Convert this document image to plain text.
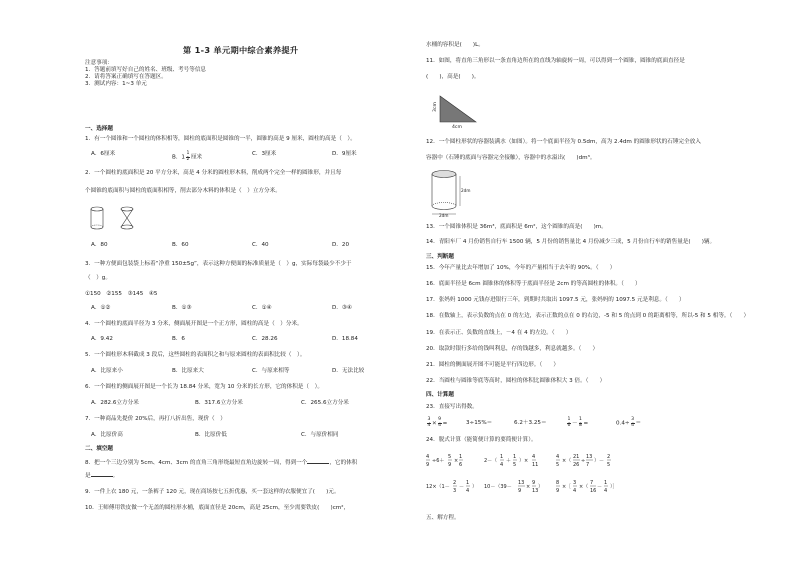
第 1-3 单元期中综合素养提升
注意事项：
1．答题前填写好自己的姓名、班级、考号等信息
2．请将答案正确填写在答题区。
3．测试内容：1~3 单元
一、选择题
1．有一个圆锥和一个圆柱的体积相等，圆柱的底面积是圆锥的一半，圆锥的高是 9 厘米，圆柱的高是（　）。
A．6厘米
B．$1 \frac{1}{2}$ 厘米
C．3厘米	D．9厘米
2．一个圆柱的底面积是 20 平方分米，高是 4 分米的圆柱形木料，削成两个完全一样的圆锥形，并且每
个圆锥的底面积与圆柱的底面积相等，削去部分木料的体积是（　）立方分米。
A．80	B．60	C．40	D．20
3．一种方便面包装袋上标着“净重 150±5g”，表示这种方便面的标准质量是（　）g，实际每袋最少不少于
（　）g。
①150　②155　③145　④5
A．①②	B．①③	C．①④	D．③④
4．一个圆柱的底面半径为 3 分米，侧面展开图是一个正方形，圆柱的高是（　）分米。
A．9.42	B．6	C．28.26	D．18.84
5．一个圆柱形木料截成 3 段后，这些圆柱的表面积之和与原来圆柱的表面积比较（　）。
A．比原来小	B．比原来大	C．与原来相等	D．无法比较
6．一个圆柱的侧面展开图是一个长为 18.84 分米，宽为 10 分米的长方形，它的体积是（　）。
A．282.6立方分米	B．317.6立方分米	C．265.6立方分米
7．一种商品先提价 20%后，再打八折出售，现价（　）
A．比原价高	B．比原价低	C．与原价相同
二、填空题
8．把一个三边分别为 5cm、4cm、3cm 的直角三角形绕最短直角边旋转一周，得到一个	，它的体积
是	。
9．一件上衣 180 元，一条裤子 120 元，现在商场按七五折优惠，买一套这样的衣服便宜了(　　)元。
10．王师傅用铁皮做一个无盖的圆柱形水桶，底面直径是 20cm，高是 25cm，至少需要铁皮(　　)cm²，
水桶的容积是(　　)L。
11．如图，将直角三角形以一条直角边所在的直线为轴旋转一周，可以得到一个圆锥，圆锥的底面直径是
(　　)，高是(　　)。
3cm
4cm
12．一个圆柱形状的容器装满水（如图）。将一个底面半径为 0.5dm，高为 2.4dm 的圆锥形状的石锤完全放入
容器中（石锤的底面与容器完全接触），容器中的水溢出(　　)dm³。
2dm
2dm
13．一个圆锥体积是 36m³，底面积是 6m²，这个圆锥的高是(　　)m。
14．青阳车厂 4 月份销售自行车 1500 辆，5 月份的销售量比 4 月份减少三成，5 月份自行车的销售量是(　　)辆。
三、判断题
15．今年产量比去年增加了 10%，今年的产量相当于去年的 90%。（　　）
16．底面半径是 6cm 圆锥体的体积等于底面半径是 2cm 的等高圆柱的体积。（　　）
17．张妈妈 1000 元钱存进银行三年，到期时共取出 1097.5 元，张妈妈的 1097.5 元是利息。（　　）
18．在数轴上，表示负数的点在 0 的左边，表示正数的点在 0 的右边，-5 和 5 的点到 0 的距离相等，所以-5 和 5 相等。（　　）
19．在表示正、负数的直线上，－4 在 4 的左边。（　　）
20．取款时银行多给的钱叫利息，存的钱越多，利息就越多。（　　）
21．圆柱的侧面展开图不可能是平行四边形。（　　）
22．当圆柱与圆锥等底等高时，圆柱的体积比圆锥体积大 3 倍。（　　）
四、计算题
23．直接写出得数。
$\frac{3}{4} \times \frac{9}{4}$ =	3÷15%＝	6.2＋3.25＝	$\frac{1}{6} - \frac{1}{8}$ =	$0.4\div \frac{3}{4}$ ＝
24．脱式计算（能简便计算的要简便计算）。
4
9
÷6＋
5
9
×
1
6
2－（
1
4
＋
1
5
）×
4
11
4
5
×（
21
26
÷
13
7
）－
2
5
12×（1－
2
3
－
1
4
） 10－（39－
13
9
×
9
13
）
8
9
×［
3
4
×（
7
16
－
1
4
）］
五、解方程。
